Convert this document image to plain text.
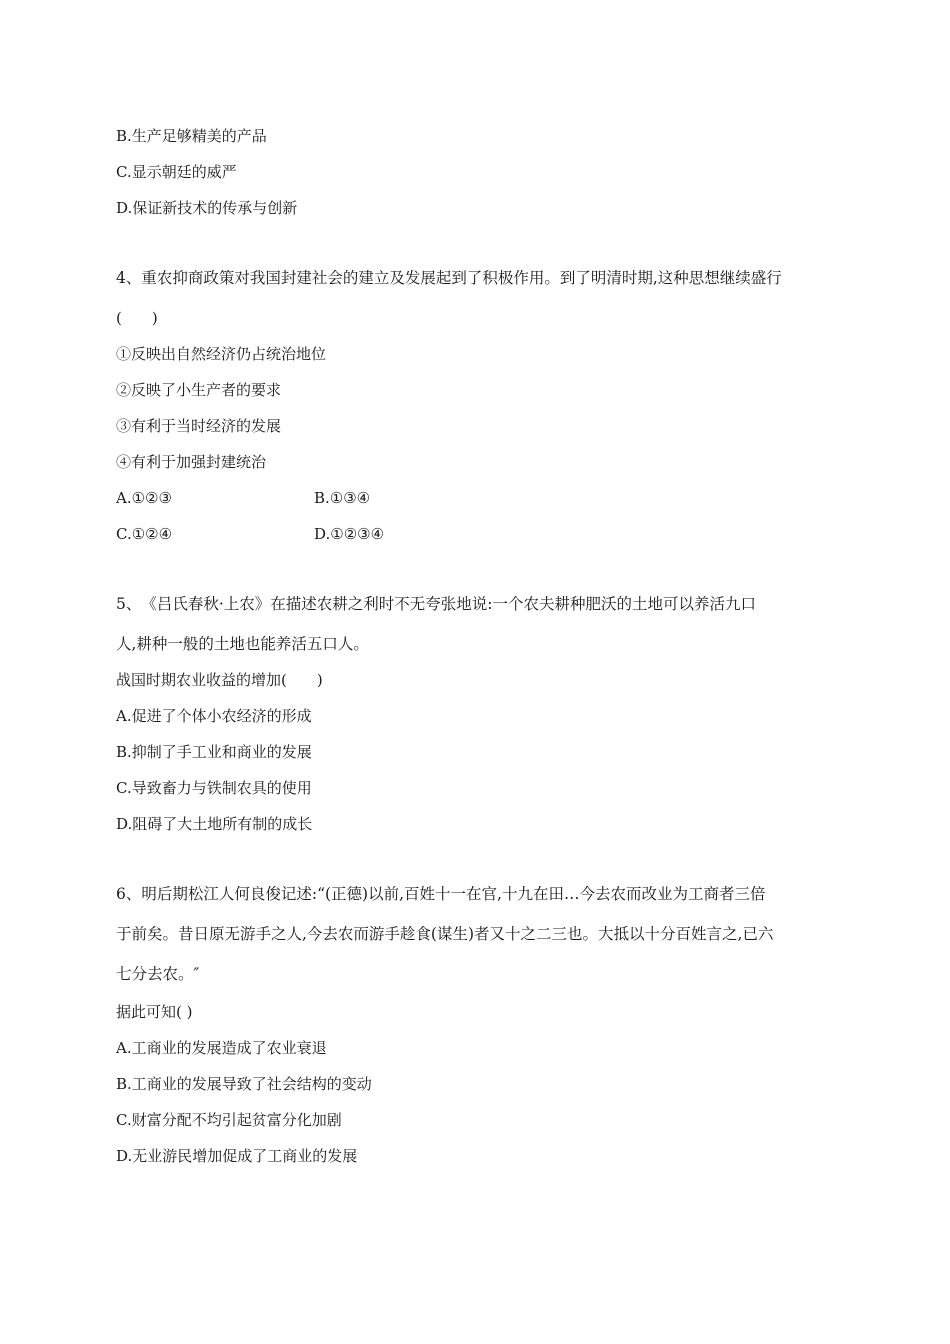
B.生产足够精美的产品
C.显示朝廷的威严
D.保证新技术的传承与创新
4、重农抑商政策对我国封建社会的建立及发展起到了积极作用。到了明清时期,这种思想继续盛行
(　　)
①反映出自然经济仍占统治地位
②反映了小生产者的要求
③有利于当时经济的发展
④有利于加强封建统治
A.①②③	B.①③④
C.①②④	D.①②③④
5、　《吕氏春秋·上农》在描述农耕之利时不无夸张地说:一个农夫耕种肥沃的土地可以养活九口
人,耕种一般的土地也能养活五口人。
战国时期农业收益的增加(　　)
A.促进了个体小农经济的形成
B.抑制了手工业和商业的发展
C.导致畜力与铁制农具的使用
D.阻碍了大土地所有制的成长
6、明后期松江人何良俊记述:“(正德)以前,百姓十一在官,十九在田…今去农而改业为工商者三倍
于前矣。昔日原无游手之人,今去农而游手趁食(谋生)者又十之二三也。大抵以十分百姓言之,已六
七分去农。″
据此可知( )
A.工商业的发展造成了农业衰退
B.工商业的发展导致了社会结构的变动
C.财富分配不均引起贫富分化加剧
D.无业游民增加促成了工商业的发展
